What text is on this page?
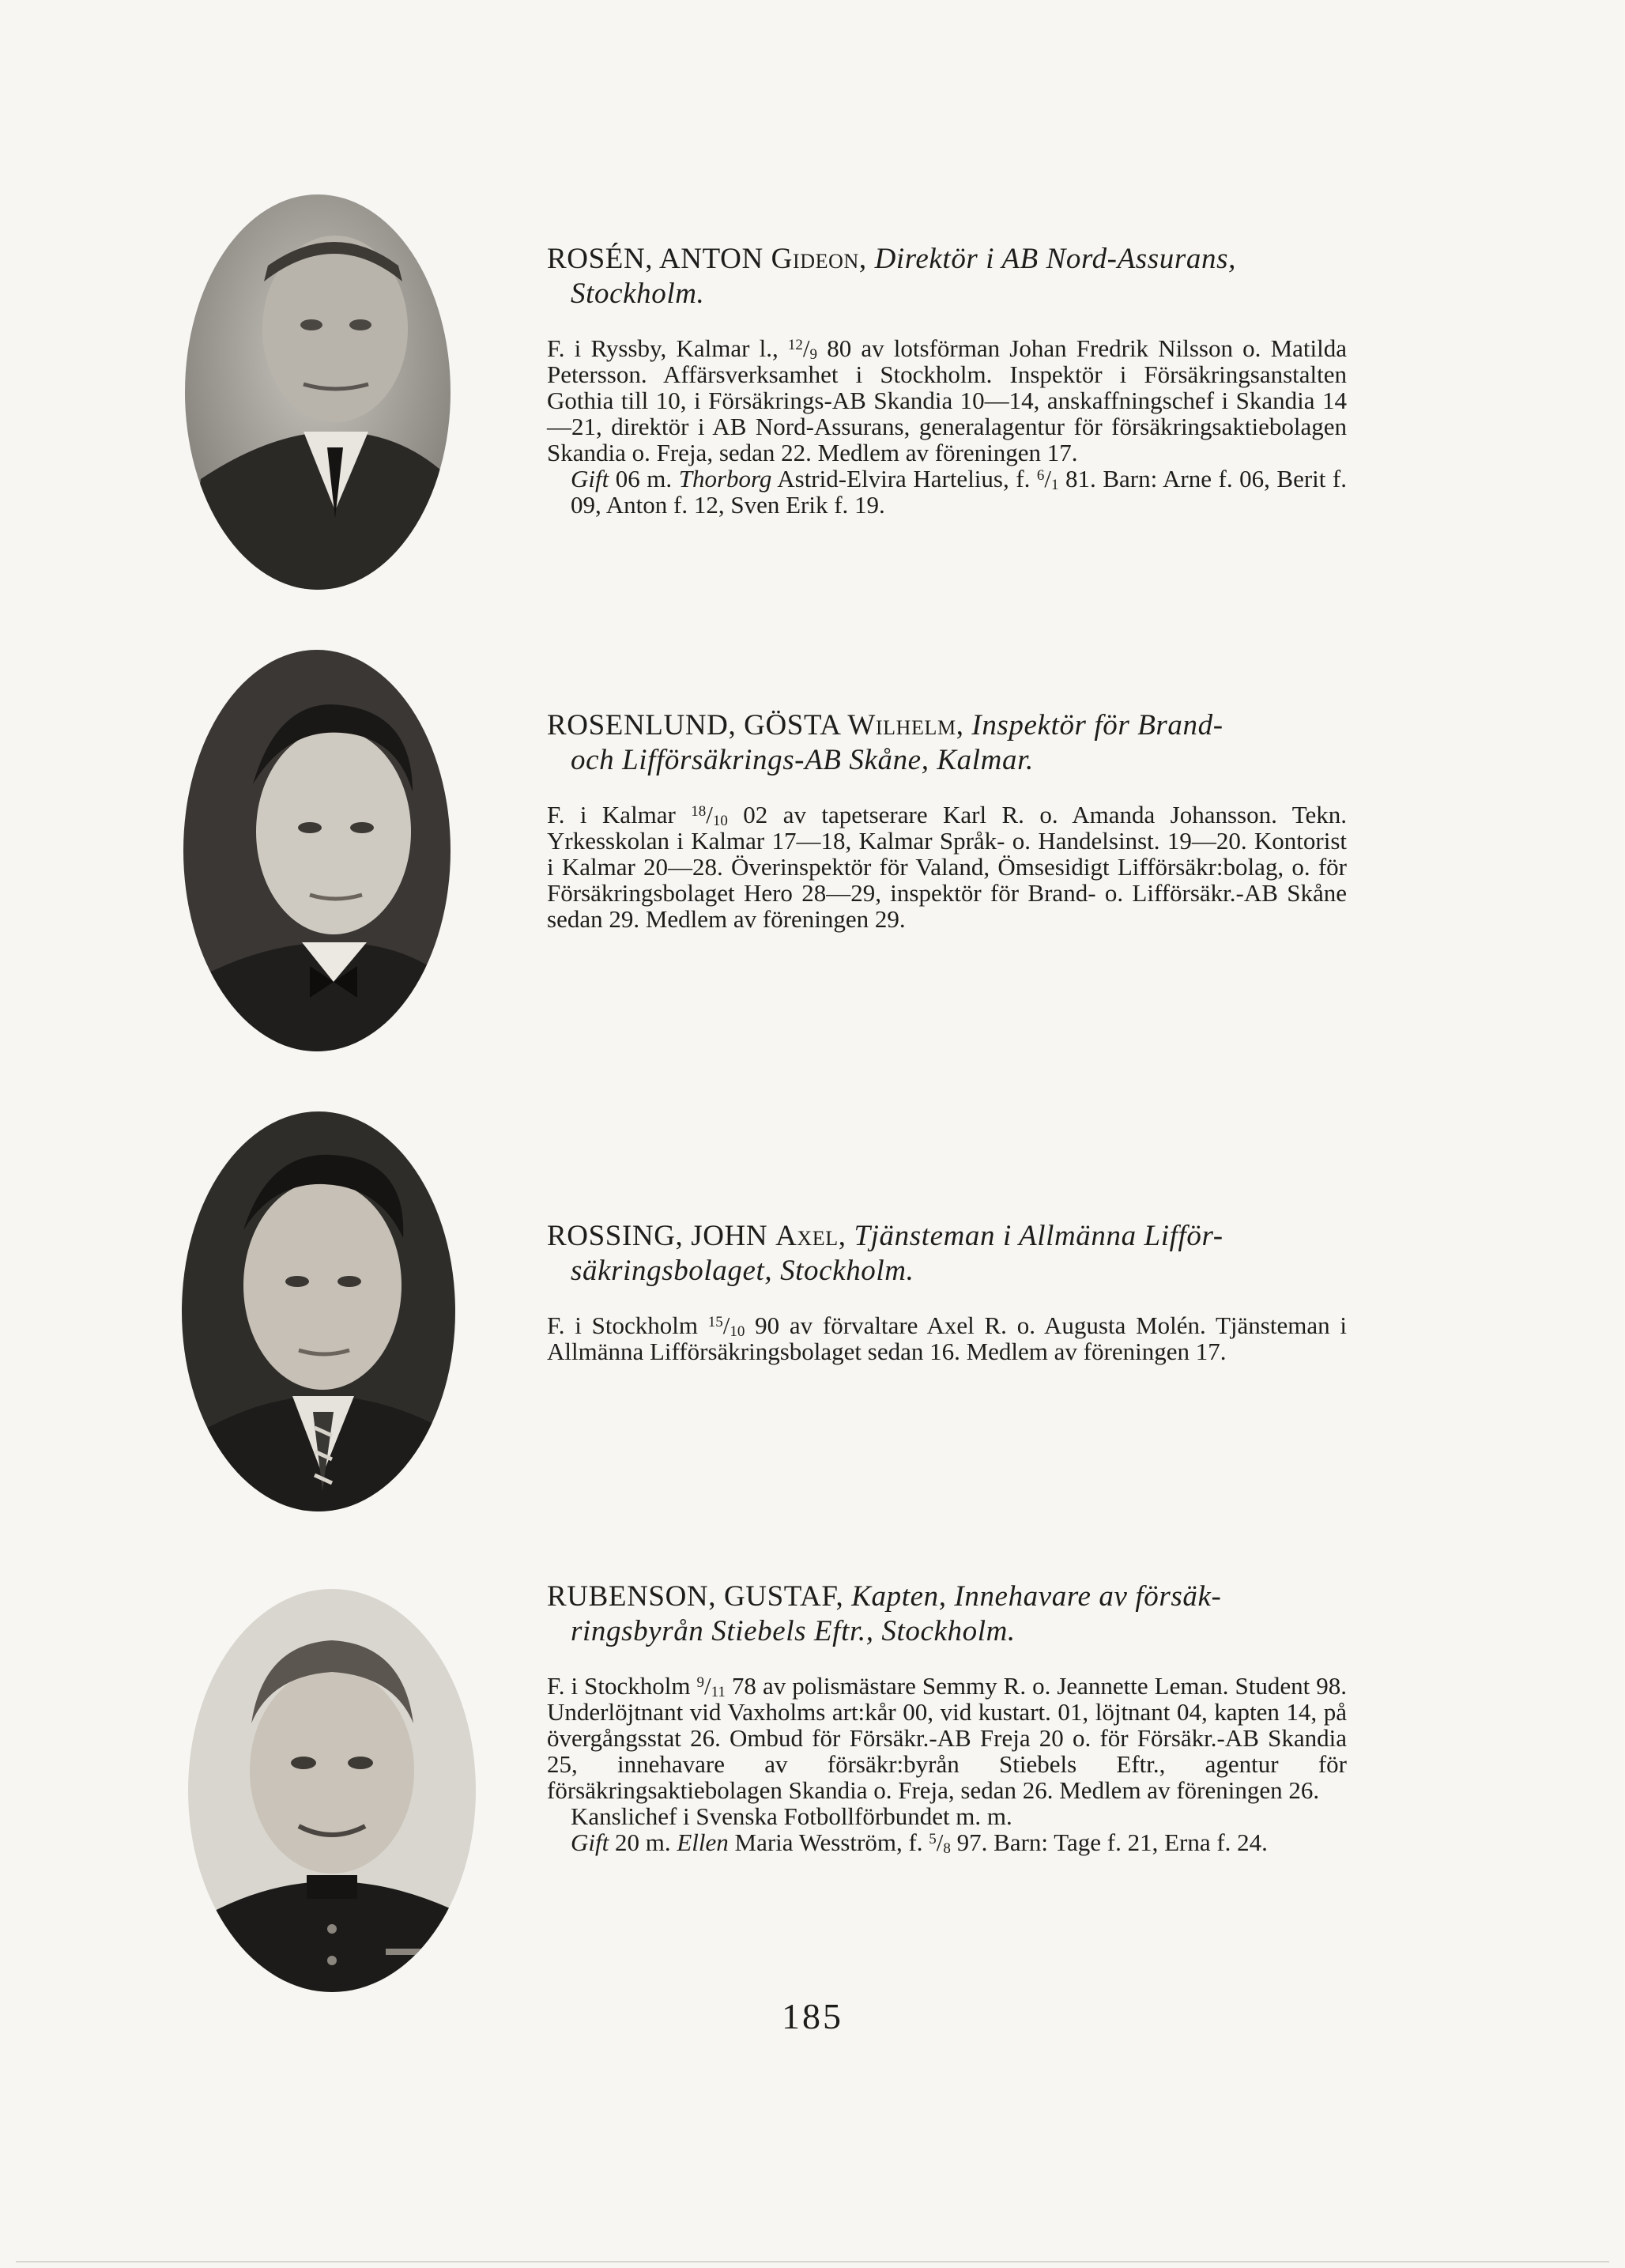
ROSÉN, ANTON Gideon, Direktör i AB Nord-Assurans,
Stockholm.

F. i Ryssby, Kalmar l., $^{12}/_9$ 80 av lotsförman Johan Fredrik Nilsson o. Matilda Petersson. Affärsverksamhet i Stockholm. Inspektör i Försäkringsanstalten Gothia till 10, i Försäkrings-AB Skandia 10—14, anskaffningschef i Skandia 14—21, direktör i AB Nord-Assurans, generalagentur för försäkringsaktiebolagen Skandia o. Freja, sedan 22. Medlem av föreningen 17.

Gift 06 m. Thorborg Astrid-Elvira Hartelius, f. $^6/_1$ 81. Barn: Arne f. 06, Berit f. 09, Anton f. 12, Sven Erik f. 19.

ROSENLUND, GÖSTA Wilhelm, Inspektör för Brand-
och Lifförsäkrings-AB Skåne, Kalmar.

F. i Kalmar $^{18}/_{10}$ 02 av tapetserare Karl R. o. Amanda Johansson. Tekn. Yrkesskolan i Kalmar 17—18, Kalmar Språk- o. Handelsinst. 19—20. Kontorist i Kalmar 20—28. Överinspektör för Valand, Ömsesidigt Lifförsäkr:bolag, o. för Försäkringsbolaget Hero 28—29, inspektör för Brand- o. Lifförsäkr.-AB Skåne sedan 29. Medlem av föreningen 29.

ROSSING, JOHN Axel, Tjänsteman i Allmänna Lifför-
säkringsbolaget, Stockholm.

F. i Stockholm $^{15}/_{10}$ 90 av förvaltare Axel R. o. Augusta Molén. Tjänsteman i Allmänna Lifförsäkringsbolaget sedan 16. Medlem av föreningen 17.

RUBENSON, GUSTAF, Kapten, Innehavare av försäk-
ringsbyrån Stiebels Eftr., Stockholm.

F. i Stockholm $^9/_{11}$ 78 av polismästare Semmy R. o. Jeannette Leman. Student 98. Underlöjtnant vid Vaxholms art:kår 00, vid kustart. 01, löjtnant 04, kapten 14, på övergångsstat 26. Ombud för Försäkr.-AB Freja 20 o. för Försäkr.-AB Skandia 25, innehavare av försäkr:byrån Stiebels Eftr., agentur för försäkringsaktiebolagen Skandia o. Freja, sedan 26. Medlem av föreningen 26.

Kanslichef i Svenska Fotbollförbundet m. m.

Gift 20 m. Ellen Maria Wesström, f. $^5/_8$ 97. Barn: Tage f. 21, Erna f. 24.

185
